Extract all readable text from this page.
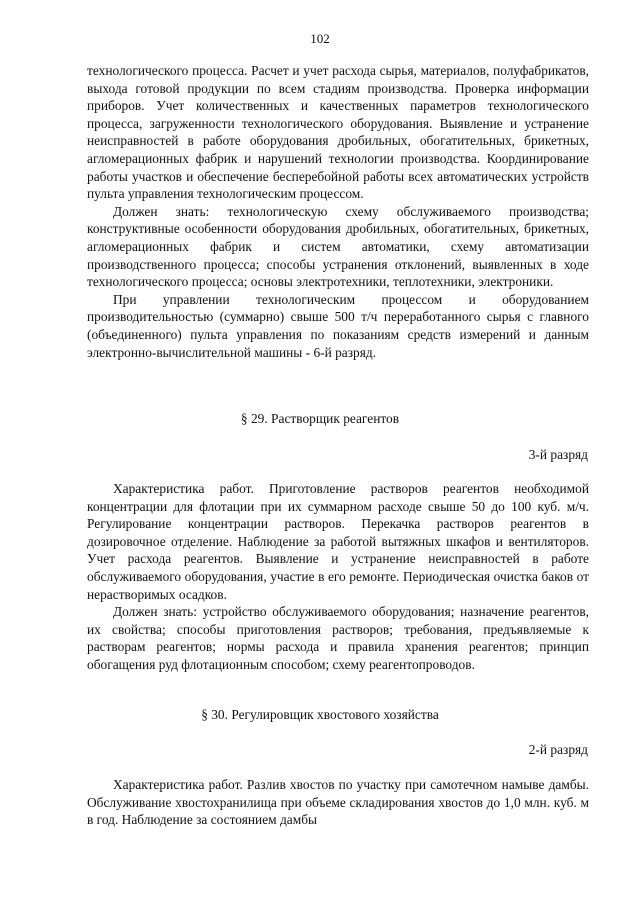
102

технологического процесса. Расчет и учет расхода сырья, материалов, полуфабрикатов, выхода готовой продукции по всем стадиям производства. Проверка информации приборов. Учет количественных и качественных параметров технологического процесса, загруженности технологического оборудования. Выявление и устранение неисправностей в работе оборудования дробильных, обогатительных, брикетных, агломерационных фабрик и нарушений технологии производства. Координирование работы участков и обеспечение бесперебойной работы всех автоматических устройств пульта управления технологическим процессом.

Должен знать: технологическую схему обслуживаемого производства; конструктивные особенности оборудования дробильных, обогатительных, брикетных, агломерационных фабрик и систем автоматики, схему автоматизации производственного процесса; способы устранения отклонений, выявленных в ходе технологического процесса; основы электротехники, теплотехники, электроники.

При управлении технологическим процессом и оборудованием производительностью (суммарно) свыше 500 т/ч переработанного сырья с главного (объединенного) пульта управления по показаниям средств измерений и данным электронно-вычислительной машины - 6-й разряд.

§ 29. Растворщик реагентов
3-й разряд

Характеристика работ. Приготовление растворов реагентов необходимой концентрации для флотации при их суммарном расходе свыше 50 до 100 куб. м/ч. Регулирование концентрации растворов. Перекачка растворов реагентов в дозировочное отделение. Наблюдение за работой вытяжных шкафов и вентиляторов. Учет расхода реагентов. Выявление и устранение неисправностей в работе обслуживаемого оборудования, участие в его ремонте. Периодическая очистка баков от нерастворимых осадков.

Должен знать: устройство обслуживаемого оборудования; назначение реагентов, их свойства; способы приготовления растворов; требования, предъявляемые к растворам реагентов; нормы расхода и правила хранения реагентов; принцип обогащения руд флотационным способом; схему реагентопроводов.

§ 30. Регулировщик хвостового хозяйства
2-й разряд

Характеристика работ. Разлив хвостов по участку при самотечном намыве дамбы. Обслуживание хвостохранилища при объеме складирования хвостов до 1,0 млн. куб. м в год. Наблюдение за состоянием дамбы
